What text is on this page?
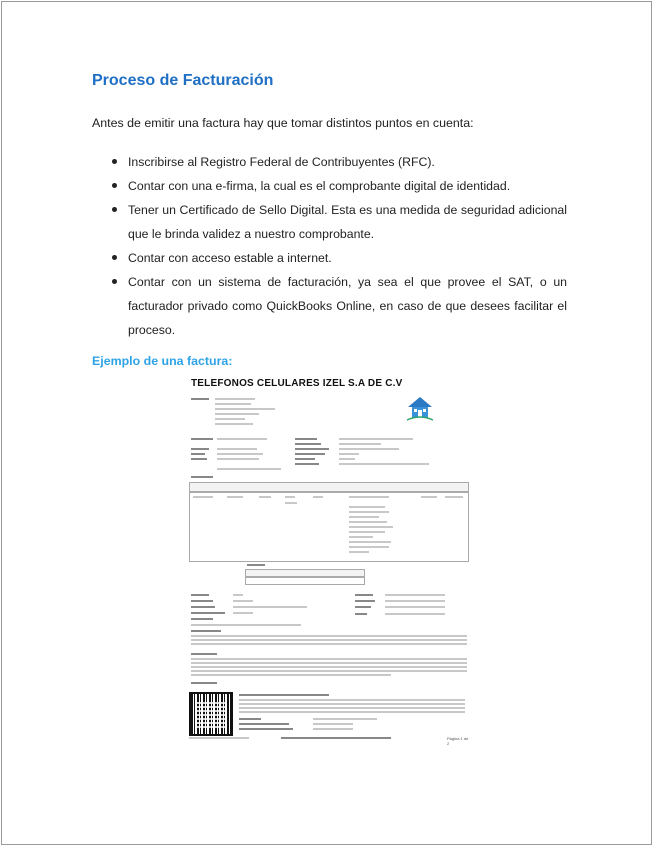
Proceso de Facturación

Antes de emitir una factura hay que tomar distintos puntos en cuenta:

Inscribirse al Registro Federal de Contribuyentes (RFC).
Contar con una e-firma, la cual es el comprobante digital de identidad.
Tener un Certificado de Sello Digital. Esta es una medida de seguridad adicional que le brinda validez a nuestro comprobante.
Contar con acceso estable a internet.
Contar con un sistema de facturación, ya sea el que provee el SAT, o un facturador privado como QuickBooks Online, en caso de que desees facilitar el proceso.
Ejemplo de una factura:
TELEFONOS CELULARES IZEL S.A DE C.V
Página 1 de 2
